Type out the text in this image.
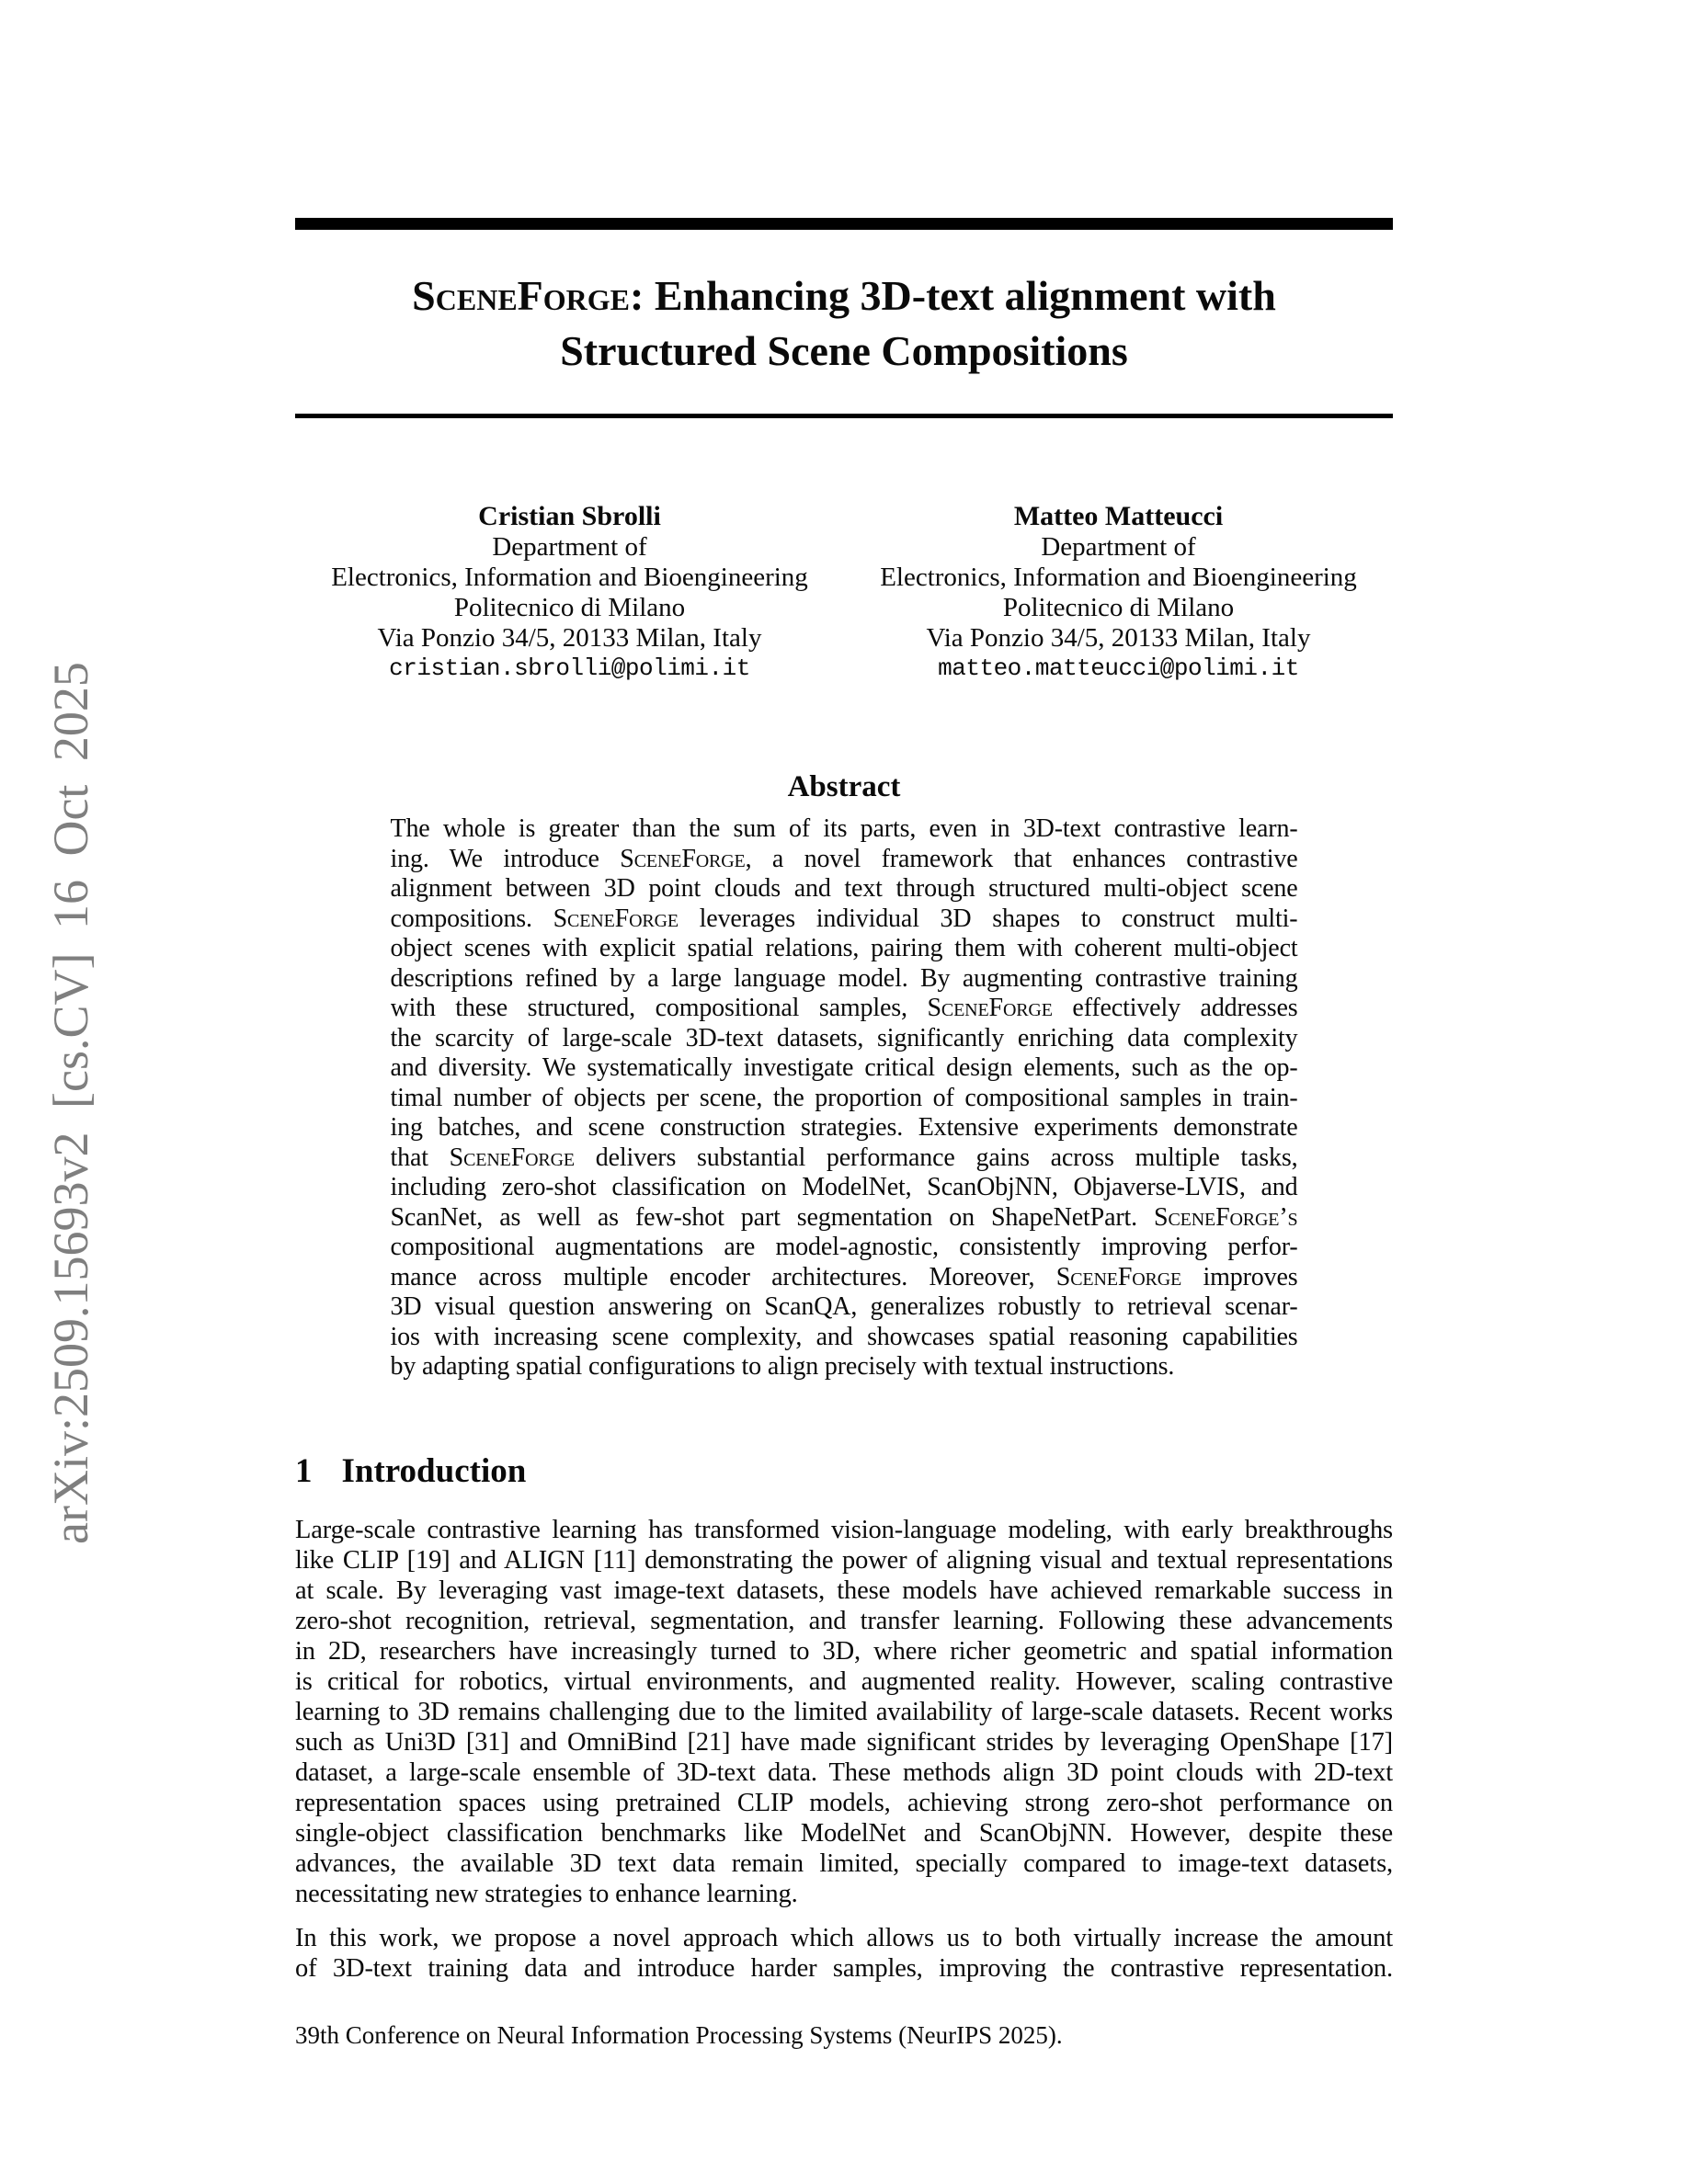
arXiv:2509.15693v2 [cs.CV] 16 Oct 2025
SceneForge: Enhancing 3D-text alignment with
Structured Scene Compositions
Cristian Sbrolli
Department of
Electronics, Information and Bioengineering
Politecnico di Milano
Via Ponzio 34/5, 20133 Milan, Italy
cristian.sbrolli@polimi.it
Matteo Matteucci
Department of
Electronics, Information and Bioengineering
Politecnico di Milano
Via Ponzio 34/5, 20133 Milan, Italy
matteo.matteucci@polimi.it
Abstract
The whole is greater than the sum of its parts, even in 3D-text contrastive learn-
ing. We introduce SceneForge, a novel framework that enhances contrastive
alignment between 3D point clouds and text through structured multi-object scene
compositions. SceneForge leverages individual 3D shapes to construct multi-
object scenes with explicit spatial relations, pairing them with coherent multi-object
descriptions refined by a large language model. By augmenting contrastive training
with these structured, compositional samples, SceneForge effectively addresses
the scarcity of large-scale 3D-text datasets, significantly enriching data complexity
and diversity. We systematically investigate critical design elements, such as the op-
timal number of objects per scene, the proportion of compositional samples in train-
ing batches, and scene construction strategies. Extensive experiments demonstrate
that SceneForge delivers substantial performance gains across multiple tasks,
including zero-shot classification on ModelNet, ScanObjNN, Objaverse-LVIS, and
ScanNet, as well as few-shot part segmentation on ShapeNetPart. SceneForge’s
compositional augmentations are model-agnostic, consistently improving perfor-
mance across multiple encoder architectures. Moreover, SceneForge improves
3D visual question answering on ScanQA, generalizes robustly to retrieval scenar-
ios with increasing scene complexity, and showcases spatial reasoning capabilities
by adapting spatial configurations to align precisely with textual instructions.
1 Introduction
Large-scale contrastive learning has transformed vision-language modeling, with early breakthroughs
like CLIP [19] and ALIGN [11] demonstrating the power of aligning visual and textual representations
at scale. By leveraging vast image-text datasets, these models have achieved remarkable success in
zero-shot recognition, retrieval, segmentation, and transfer learning. Following these advancements
in 2D, researchers have increasingly turned to 3D, where richer geometric and spatial information
is critical for robotics, virtual environments, and augmented reality. However, scaling contrastive
learning to 3D remains challenging due to the limited availability of large-scale datasets. Recent works
such as Uni3D [31] and OmniBind [21] have made significant strides by leveraging OpenShape [17]
dataset, a large-scale ensemble of 3D-text data. These methods align 3D point clouds with 2D-text
representation spaces using pretrained CLIP models, achieving strong zero-shot performance on
single-object classification benchmarks like ModelNet and ScanObjNN. However, despite these
advances, the available 3D text data remain limited, specially compared to image-text datasets,
necessitating new strategies to enhance learning.
In this work, we propose a novel approach which allows us to both virtually increase the amount
of 3D-text training data and introduce harder samples, improving the contrastive representation.
39th Conference on Neural Information Processing Systems (NeurIPS 2025).
